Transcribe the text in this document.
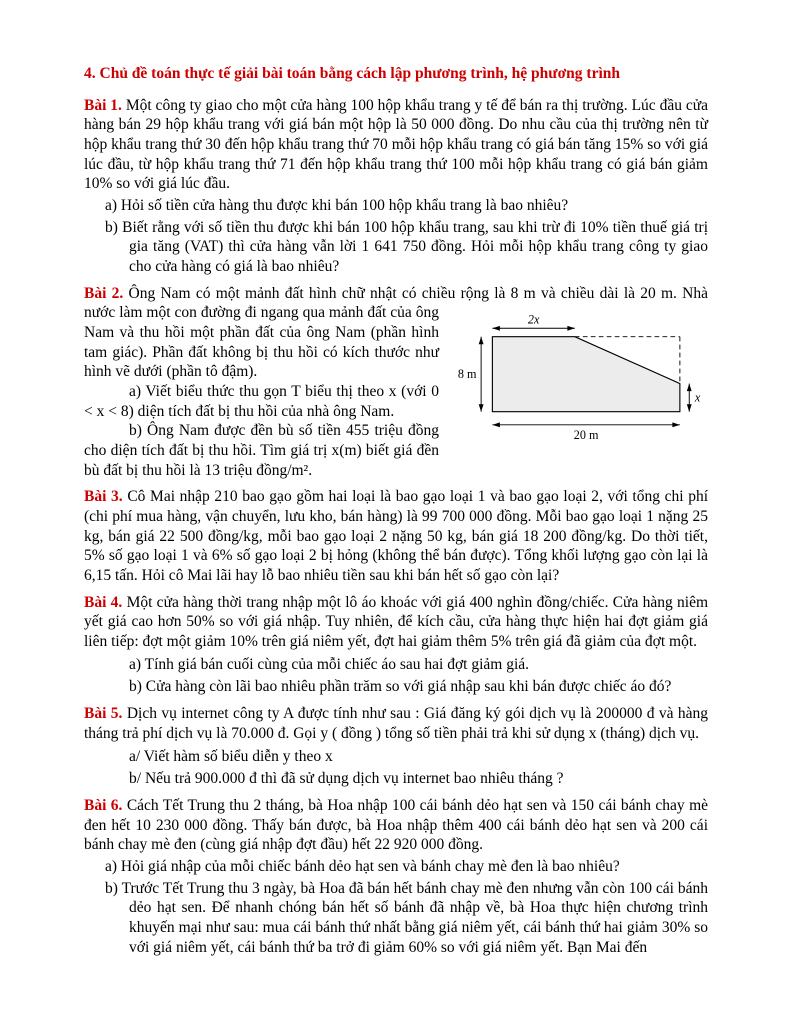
4. Chủ đề toán thực tế giải bài toán bằng cách lập phương trình, hệ phương trình

Bài 1. Một công ty giao cho một cửa hàng 100 hộp khẩu trang y tế để bán ra thị trường. Lúc đầu cửa hàng bán 29 hộp khẩu trang với giá bán một hộp là 50 000 đồng. Do nhu cầu của thị trường nên từ hộp khẩu trang thứ 30 đến hộp khẩu trang thứ 70 mỗi hộp khẩu trang có giá bán tăng 15% so với giá lúc đầu, từ hộp khẩu trang thứ 71 đến hộp khẩu trang thứ 100 mỗi hộp khẩu trang có giá bán giảm 10% so với giá lúc đầu.

a) Hỏi số tiền cửa hàng thu được khi bán 100 hộp khẩu trang là bao nhiêu?

b) Biết rằng với số tiền thu được khi bán 100 hộp khẩu trang, sau khi trừ đi 10% tiền thuế giá trị gia tăng (VAT) thì cửa hàng vẫn lời 1 641 750 đồng. Hỏi mỗi hộp khẩu trang công ty giao cho cửa hàng có giá là bao nhiêu?

2x
8 m
x
20 m

Bài 2. Ông Nam có một mảnh đất hình chữ nhật có chiều rộng là 8 m và chiều dài là 20 m. Nhà nước làm một con đường đi ngang qua mảnh đất của ông Nam và thu hồi một phần đất của ông Nam (phần hình tam giác). Phần đất không bị thu hồi có kích thước như hình vẽ dưới (phần tô đậm).

a) Viết biểu thức thu gọn T biểu thị theo x (với 0 < x < 8) diện tích đất bị thu hồi của nhà ông Nam.

b) Ông Nam được đền bù số tiền 455 triệu đồng cho diện tích đất bị thu hồi. Tìm giá trị x(m) biết giá đền bù đất bị thu hồi là 13 triệu đồng/m².

Bài 3. Cô Mai nhập 210 bao gạo gồm hai loại là bao gạo loại 1 và bao gạo loại 2, với tổng chi phí (chi phí mua hàng, vận chuyển, lưu kho, bán hàng) là 99 700 000 đồng. Mỗi bao gạo loại 1 nặng 25 kg, bán giá 22 500 đồng/kg, mỗi bao gạo loại 2 nặng 50 kg, bán giá 18 200 đồng/kg. Do thời tiết, 5% số gạo loại 1 và 6% số gạo loại 2 bị hỏng (không thể bán được). Tổng khối lượng gạo còn lại là 6,15 tấn. Hỏi cô Mai lãi hay lỗ bao nhiêu tiền sau khi bán hết số gạo còn lại?

Bài 4. Một cửa hàng thời trang nhập một lô áo khoác với giá 400 nghìn đồng/chiếc. Cửa hàng niêm yết giá cao hơn 50% so với giá nhập. Tuy nhiên, để kích cầu, cửa hàng thực hiện hai đợt giảm giá liên tiếp: đợt một giảm 10% trên giá niêm yết, đợt hai giảm thêm 5% trên giá đã giảm của đợt một.

a) Tính giá bán cuối cùng của mỗi chiếc áo sau hai đợt giảm giá.

b) Cửa hàng còn lãi bao nhiêu phần trăm so với giá nhập sau khi bán được chiếc áo đó?

Bài 5. Dịch vụ internet công ty A được tính như sau : Giá đăng ký gói dịch vụ là 200000 đ và hàng tháng trả phí dịch vụ là 70.000 đ. Gọi y ( đồng ) tổng số tiền phải trả khi sử dụng x (tháng) dịch vụ.

a/ Viết hàm số biểu diễn y theo x

b/ Nếu trả 900.000 đ thì đã sử dụng dịch vụ internet bao nhiêu tháng ?

Bài 6. Cách Tết Trung thu 2 tháng, bà Hoa nhập 100 cái bánh dẻo hạt sen và 150 cái bánh chay mè đen hết 10 230 000 đồng. Thấy bán được, bà Hoa nhập thêm 400 cái bánh dẻo hạt sen và 200 cái bánh chay mè đen (cùng giá nhập đợt đầu) hết 22 920 000 đồng.

a) Hỏi giá nhập của mỗi chiếc bánh dẻo hạt sen và bánh chay mè đen là bao nhiêu?

b) Trước Tết Trung thu 3 ngày, bà Hoa đã bán hết bánh chay mè đen nhưng vẫn còn 100 cái bánh dẻo hạt sen. Để nhanh chóng bán hết số bánh đã nhập về, bà Hoa thực hiện chương trình khuyến mại như sau: mua cái bánh thứ nhất bằng giá niêm yết, cái bánh thứ hai giảm 30% so với giá niêm yết, cái bánh thứ ba trở đi giảm 60% so với giá niêm yết. Bạn Mai đến
